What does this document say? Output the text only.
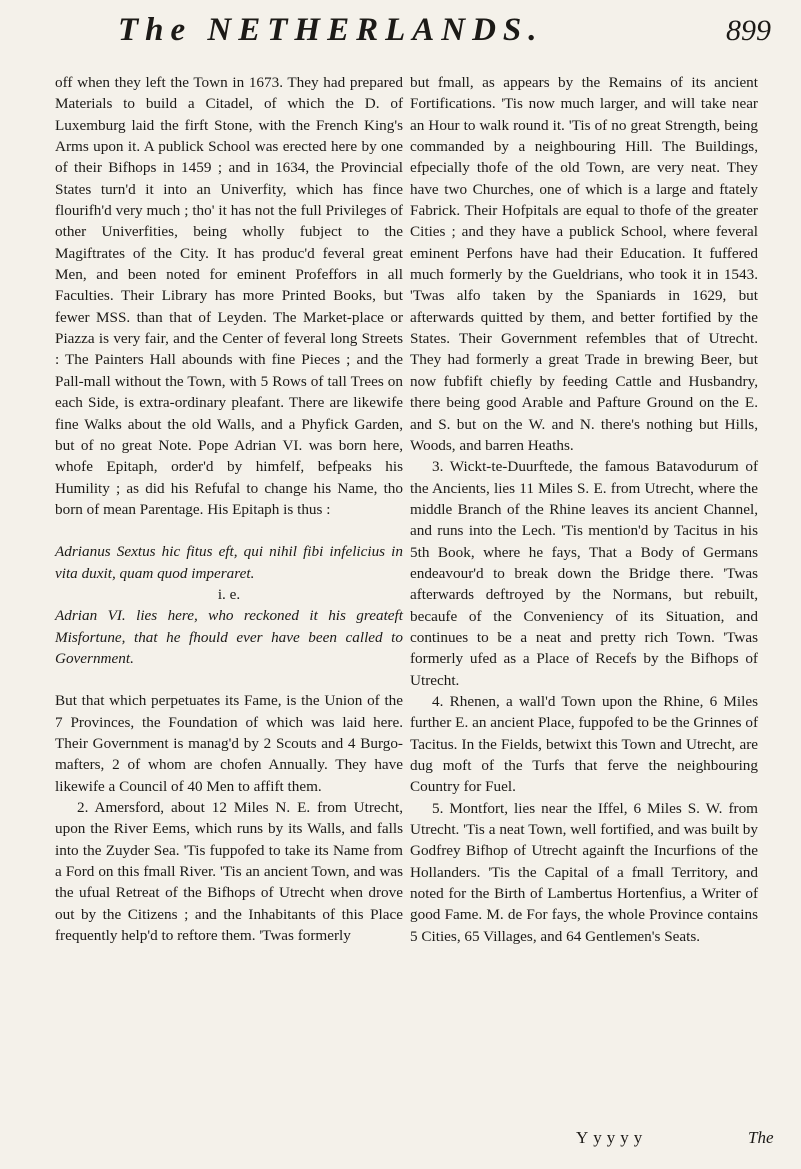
The NETHERLANDS.	899

off when they left the Town in 1673. They had prepared Materials to build a Citadel, of which the D. of Luxemburg laid the firft Stone, with the French King's Arms upon it. A publick School was erected here by one of their Bifhops in 1459 ; and in 1634, the Provincial States turn'd it into an Univerfity, which has fince flourifh'd very much ; tho' it has not the full Privileges of other Univerfities, being wholly fubject to the Magiftrates of the City. It has produc'd feveral great Men, and been noted for eminent Profeffors in all Faculties. Their Library has more Printed Books, but fewer MSS. than that of Leyden. The Market-place or Piazza is very fair, and the Center of feveral long Streets : The Painters Hall abounds with fine Pieces ; and the Pall-mall without the Town, with 5 Rows of tall Trees on each Side, is extra-ordinary pleafant. There are likewife fine Walks about the old Walls, and a Phyfick Garden, but of no great Note. Pope Adrian VI. was born here, whofe Epitaph, order'd by himfelf, befpeaks his Humility ; as did his Refufal to change his Name, tho born of mean Parentage. His Epitaph is thus :

Adrianus Sextus hic fitus eft, qui nihil fibi infelicius in vita duxit, quam quod imperaret.

i. e.

Adrian VI. lies here, who reckoned it his greateft Misfortune, that he fhould ever have been called to Government.

But that which perpetuates its Fame, is the Union of the 7 Provinces, the Foundation of which was laid here. Their Government is manag'd by 2 Scouts and 4 Burgo-mafters, 2 of whom are chofen Annually. They have likewife a Council of 40 Men to affift them.

2. Amersford, about 12 Miles N. E. from Utrecht, upon the River Eems, which runs by its Walls, and falls into the Zuyder Sea. 'Tis fuppofed to take its Name from a Ford on this fmall River. 'Tis an ancient Town, and was the ufual Retreat of the Bifhops of Utrecht when drove out by the Citizens ; and the Inhabitants of this Place frequently help'd to reftore them. 'Twas formerly

but fmall, as appears by the Remains of its ancient Fortifications. 'Tis now much larger, and will take near an Hour to walk round it. 'Tis of no great Strength, being commanded by a neighbouring Hill. The Buildings, efpecially thofe of the old Town, are very neat. They have two Churches, one of which is a large and ftately Fabrick. Their Hofpitals are equal to thofe of the greater Cities ; and they have a publick School, where feveral eminent Perfons have had their Education. It fuffered much formerly by the Gueldrians, who took it in 1543. 'Twas alfo taken by the Spaniards in 1629, but afterwards quitted by them, and better fortified by the States. Their Government refembles that of Utrecht. They had formerly a great Trade in brewing Beer, but now fubfift chiefly by feeding Cattle and Husbandry, there being good Arable and Pafture Ground on the E. and S. but on the W. and N. there's nothing but Hills, Woods, and barren Heaths.

3. Wickt-te-Duurftede, the famous Batavodurum of the Ancients, lies 11 Miles S. E. from Utrecht, where the middle Branch of the Rhine leaves its ancient Channel, and runs into the Lech. 'Tis mention'd by Tacitus in his 5th Book, where he fays, That a Body of Germans endeavour'd to break down the Bridge there. 'Twas afterwards deftroyed by the Normans, but rebuilt, becaufe of the Conveniency of its Situation, and continues to be a neat and pretty rich Town. 'Twas formerly ufed as a Place of Recefs by the Bifhops of Utrecht.

4. Rhenen, a wall'd Town upon the Rhine, 6 Miles further E. an ancient Place, fuppofed to be the Grinnes of Tacitus. In the Fields, betwixt this Town and Utrecht, are dug moft of the Turfs that ferve the neighbouring Country for Fuel.

5. Montfort, lies near the Iffel, 6 Miles S. W. from Utrecht. 'Tis a neat Town, well fortified, and was built by Godfrey Bifhop of Utrecht againft the Incurfions of the Hollanders. 'Tis the Capital of a fmall Territory, and noted for the Birth of Lambertus Hortenfius, a Writer of good Fame. M. de For fays, the whole Province contains 5 Cities, 65 Villages, and 64 Gentlemen's Seats.

Yyyyy	The
